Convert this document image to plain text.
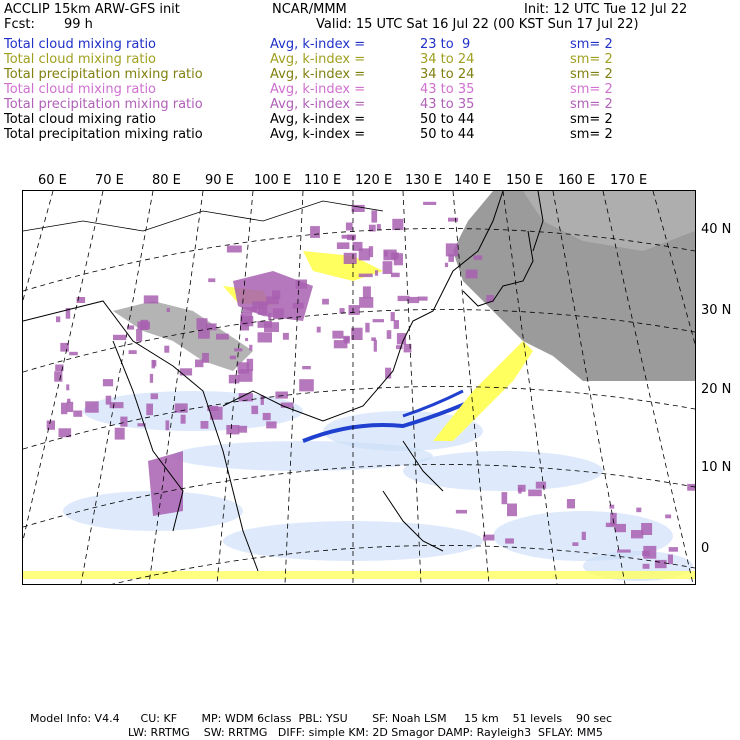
ACCLIP 15km ARW-GFS init	NCAR/MMM	Init: 12 UTC Tue 12 Jul 22
Fcst: 99 h	Valid: 15 UTC Sat 16 Jul 22 (00 KST Sun 17 Jul 22)
Total cloud mixing ratio	Avg, k-index =	23 to  9	sm= 2
Total cloud mixing ratio	Avg, k-index =	34 to 24	sm= 2
Total precipitation mixing ratio	Avg, k-index =	34 to 24	sm= 2
Total cloud mixing ratio	Avg, k-index =	43 to 35	sm= 2
Total precipitation mixing ratio	Avg, k-index =	43 to 35	sm= 2
Total cloud mixing ratio	Avg, k-index =	50 to 44	sm= 2
Total precipitation mixing ratio	Avg, k-index =	50 to 44	sm= 2
60 E 70 E 80 E 90 E 100 E 110 E 120 E 130 E 140 E 150 E 160 E 170 E
40 N
30 N
20 N
10 N
0
Model Info: V4.4      CU: KF       MP: WDM 6class  PBL: YSU       SF: Noah LSM     15 km    51 levels    90 sec
LW: RRTMG    SW: RRTMG   DIFF: simple KM: 2D Smagor DAMP: Rayleigh3  SFLAY: MM5
